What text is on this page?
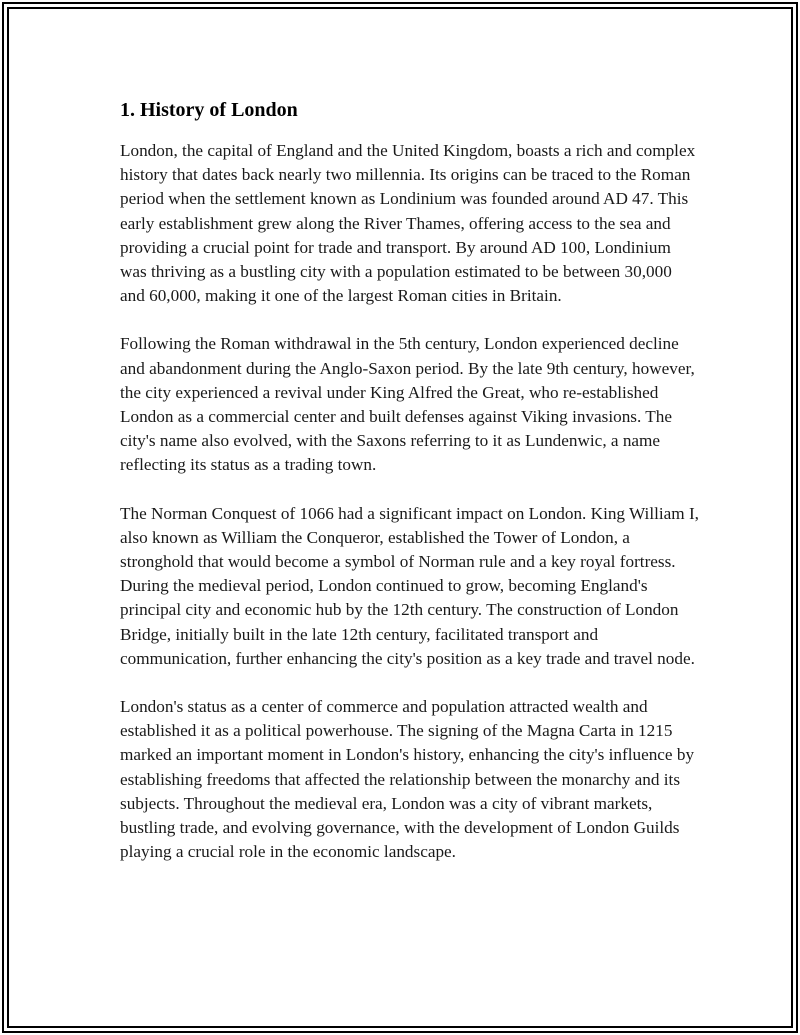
1. History of London

London, the capital of England and the United Kingdom, boasts a rich and complex history that dates back nearly two millennia. Its origins can be traced to the Roman period when the settlement known as Londinium was founded around AD 47. This early establishment grew along the River Thames, offering access to the sea and providing a crucial point for trade and transport. By around AD 100, Londinium was thriving as a bustling city with a population estimated to be between 30,000 and 60,000, making it one of the largest Roman cities in Britain.

Following the Roman withdrawal in the 5th century, London experienced decline and abandonment during the Anglo-Saxon period. By the late 9th century, however, the city experienced a revival under King Alfred the Great, who re-established London as a commercial center and built defenses against Viking invasions. The city's name also evolved, with the Saxons referring to it as Lundenwic, a name reflecting its status as a trading town.

The Norman Conquest of 1066 had a significant impact on London. King William I, also known as William the Conqueror, established the Tower of London, a stronghold that would become a symbol of Norman rule and a key royal fortress. During the medieval period, London continued to grow, becoming England's principal city and economic hub by the 12th century. The construction of London Bridge, initially built in the late 12th century, facilitated transport and communication, further enhancing the city's position as a key trade and travel node.

London's status as a center of commerce and population attracted wealth and established it as a political powerhouse. The signing of the Magna Carta in 1215 marked an important moment in London's history, enhancing the city's influence by establishing freedoms that affected the relationship between the monarchy and its subjects. Throughout the medieval era, London was a city of vibrant markets, bustling trade, and evolving governance, with the development of London Guilds playing a crucial role in the economic landscape.
